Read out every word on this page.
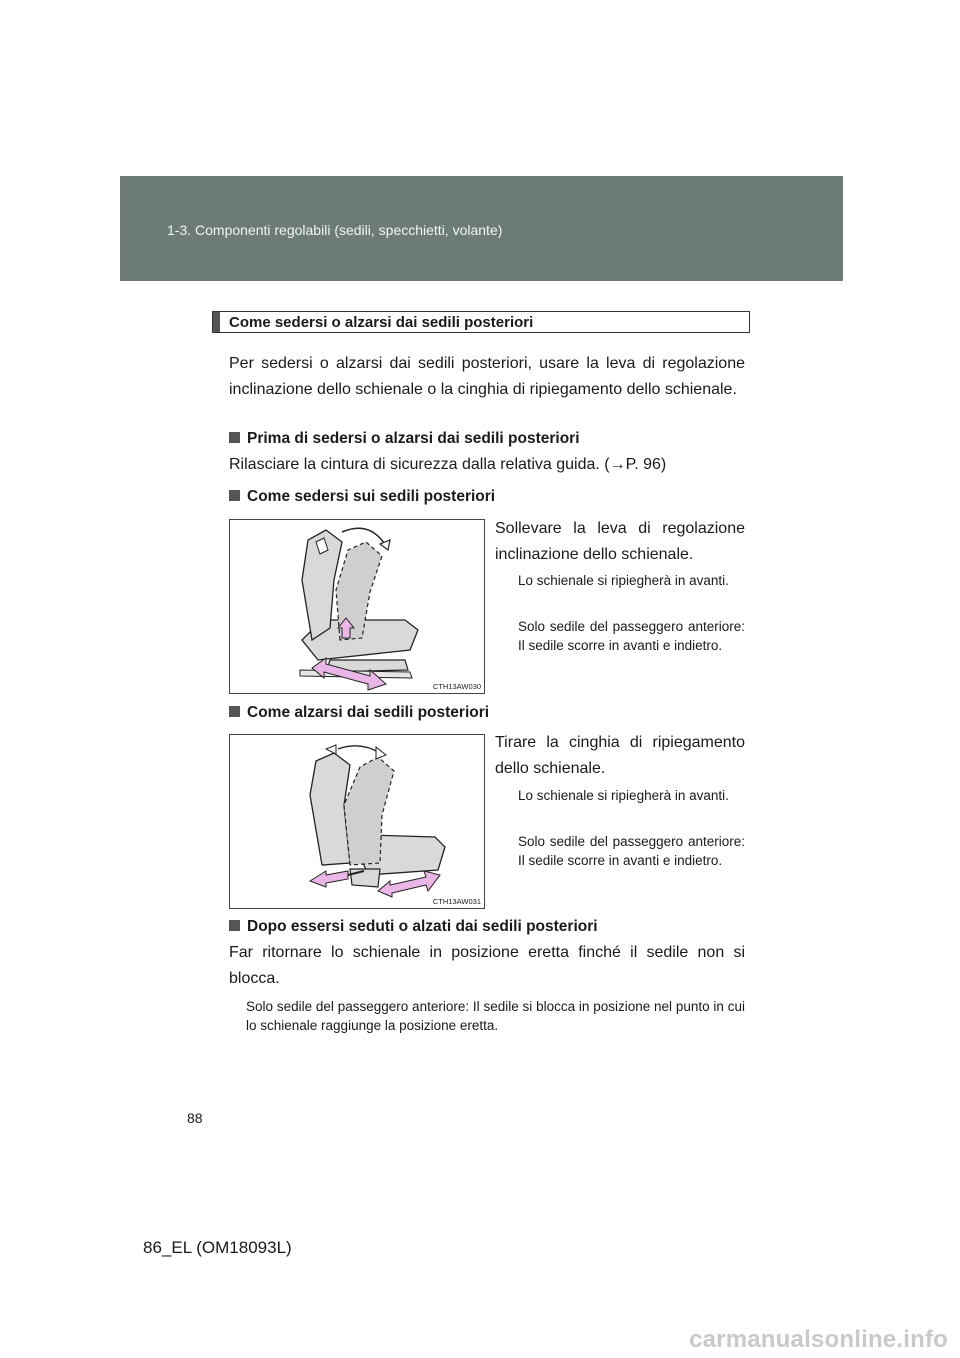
1-3. Componenti regolabili (sedili, specchietti, volante)
Come sedersi o alzarsi dai sedili posteriori
Per sedersi o alzarsi dai sedili posteriori, usare la leva di regolazione inclinazione dello schienale o la cinghia di ripiegamento dello schienale.
Prima di sedersi o alzarsi dai sedili posteriori
Rilasciare la cintura di sicurezza dalla relativa guida. (→P. 96)
Come sedersi sui sedili posteriori
CTH13AW030
Sollevare la leva di regolazione inclinazione dello schienale.
Lo schienale si ripiegherà in avanti.
Solo sedile del passeggero anteriore: Il sedile scorre in avanti e indietro.
Come alzarsi dai sedili posteriori
CTH13AW031
Tirare la cinghia di ripiegamento dello schienale.
Lo schienale si ripiegherà in avanti.
Solo sedile del passeggero anteriore: Il sedile scorre in avanti e indietro.
Dopo essersi seduti o alzati dai sedili posteriori
Far ritornare lo schienale in posizione eretta finché il sedile non si blocca.
Solo sedile del passeggero anteriore: Il sedile si blocca in posizione nel punto in cui lo schienale raggiunge la posizione eretta.
88
86_EL (OM18093L)
carmanualsonline.info
